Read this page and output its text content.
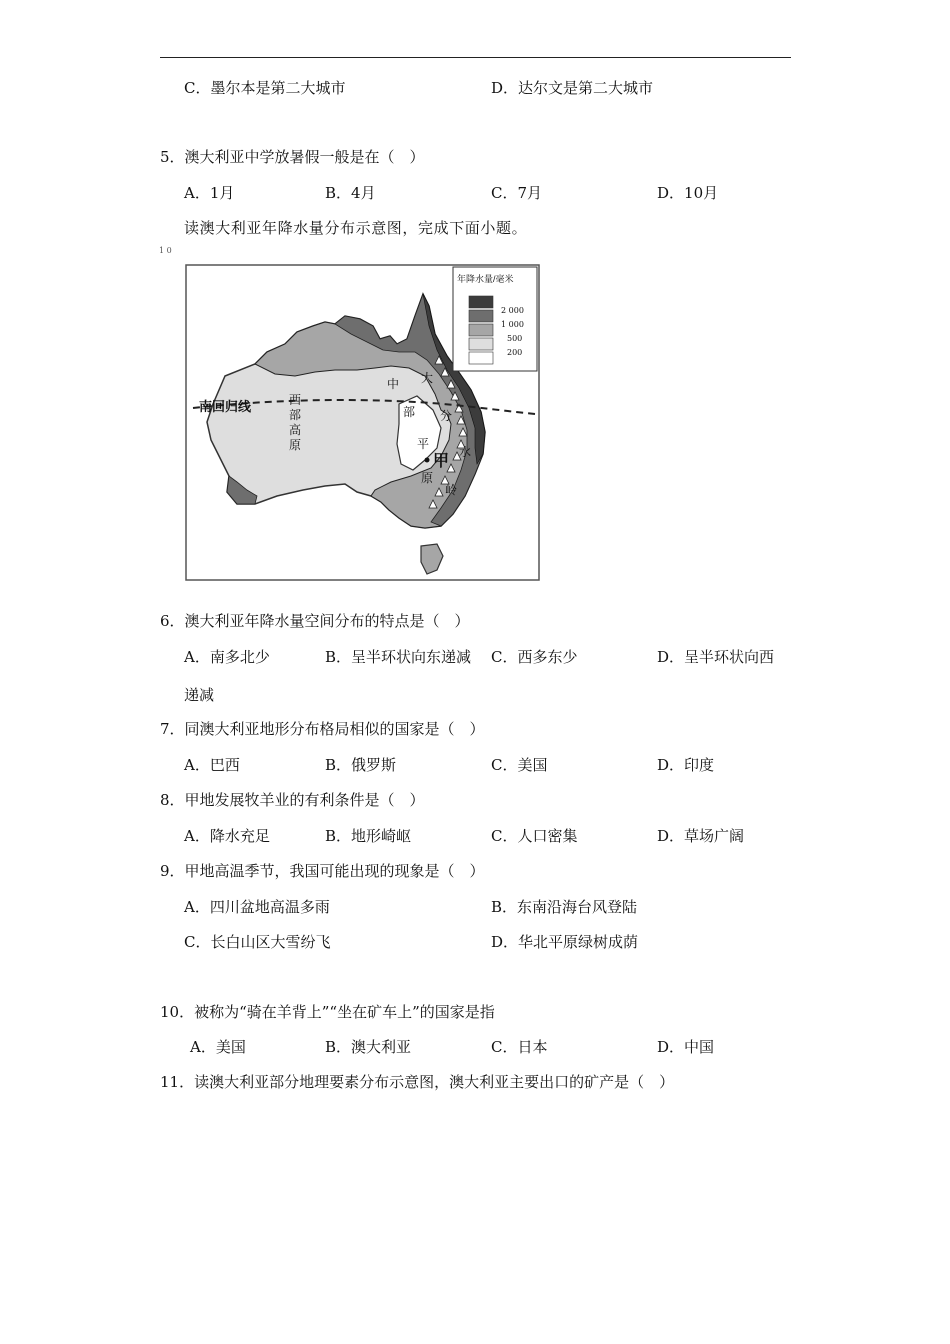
C．墨尔本是第二大城市	D．达尔文是第二大城市
5．澳大利亚中学放暑假一般是在（　）
A．1月	B．4月	C．7月	D．10月
读澳大利亚年降水量分布示意图，完成下面小题。
1 0
南回归线	西
部
高
原
中
部
平
原
大
分
水
岭
甲
年降水量/毫米
2 000
1 000
500
200
6．澳大利亚年降水量空间分布的特点是（　）
A．南多北少	B．呈半环状向东递减 C．西多东少	D．呈半环状向西
递减
7．同澳大利亚地形分布格局相似的国家是（　）
A．巴西	B．俄罗斯	C．美国	D．印度
8．甲地发展牧羊业的有利条件是（　）
A．降水充足	B．地形崎岖	C．人口密集	D．草场广阔
9．甲地高温季节，我国可能出现的现象是（　）
A．四川盆地高温多雨	B．东南沿海台风登陆
C．长白山区大雪纷飞	D．华北平原绿树成荫
10．被称为“骑在羊背上”“坐在矿车上”的国家是指
A．美国	B．澳大利亚	C．日本	D．中国
11．读澳大利亚部分地理要素分布示意图，澳大利亚主要出口的矿产是（　）
